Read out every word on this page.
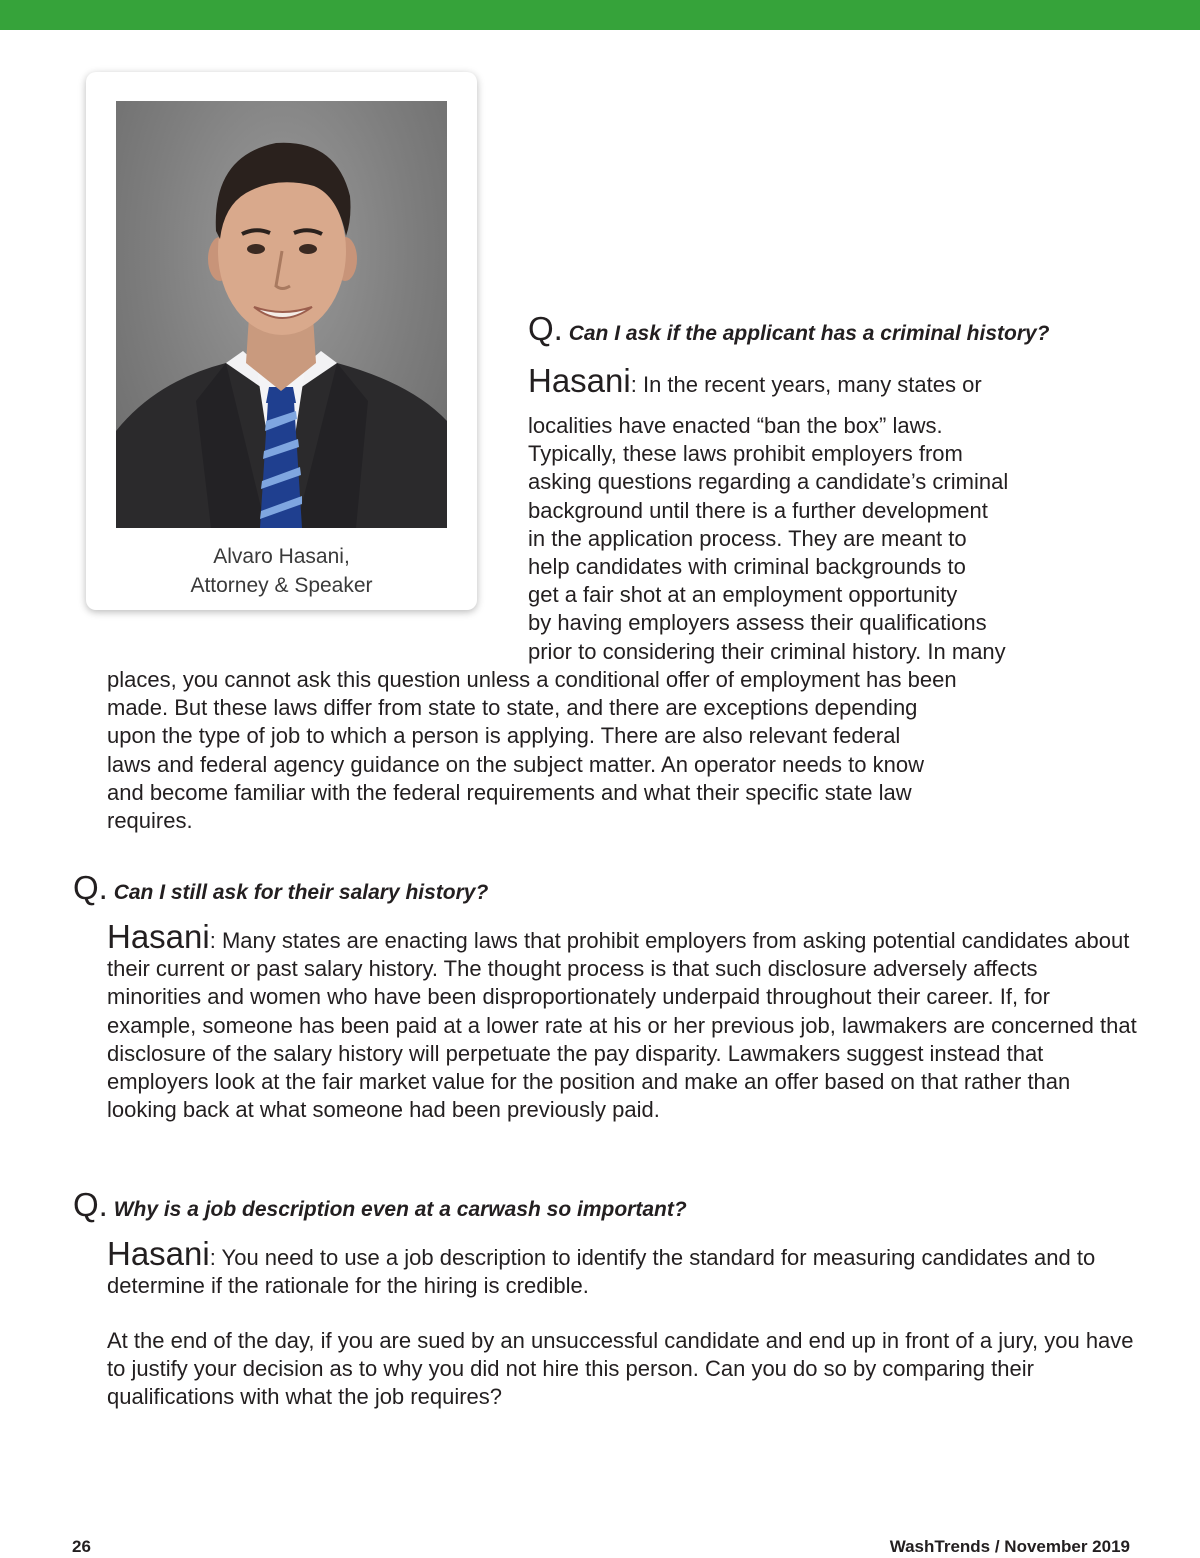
Alvaro Hasani,
Attorney & Speaker
Q. Can I ask if the applicant has a criminal history?
Hasani: In the recent years, many states or
localities have enacted “ban the box” laws.
Typically, these laws prohibit employers from
asking questions regarding a candidate’s criminal
background until there is a further development
in the application process. They are meant to
help candidates with criminal backgrounds to
get a fair shot at an employment opportunity
by having employers assess their qualifications
prior to considering their criminal history. In many
places, you cannot ask this question unless a conditional offer of employment has been
made. But these laws differ from state to state, and there are exceptions depending
upon the type of job to which a person is applying. There are also relevant federal
laws and federal agency guidance on the subject matter. An operator needs to know
and become familiar with the federal requirements and what their specific state law
requires.
Q. Can I still ask for their salary history?

Hasani: Many states are enacting laws that prohibit employers from asking potential candidates about their current or past salary history. The thought process is that such disclosure adversely affects minorities and women who have been disproportionately underpaid throughout their career. If, for example, someone has been paid at a lower rate at his or her previous job, lawmakers are concerned that disclosure of the salary history will perpetuate the pay disparity. Lawmakers suggest instead that employers look at the fair market value for the position and make an offer based on that rather than looking back at what someone had been previously paid.

Q. Why is a job description even at a carwash so important?

Hasani: You need to use a job description to identify the standard for measuring candidates and to determine if the rationale for the hiring is credible.

At the end of the day, if you are sued by an unsuccessful candidate and end up in front of a jury, you have to justify your decision as to why you did not hire this person. Can you do so by comparing their qualifications with what the job requires?

26	WashTrends / November 2019
